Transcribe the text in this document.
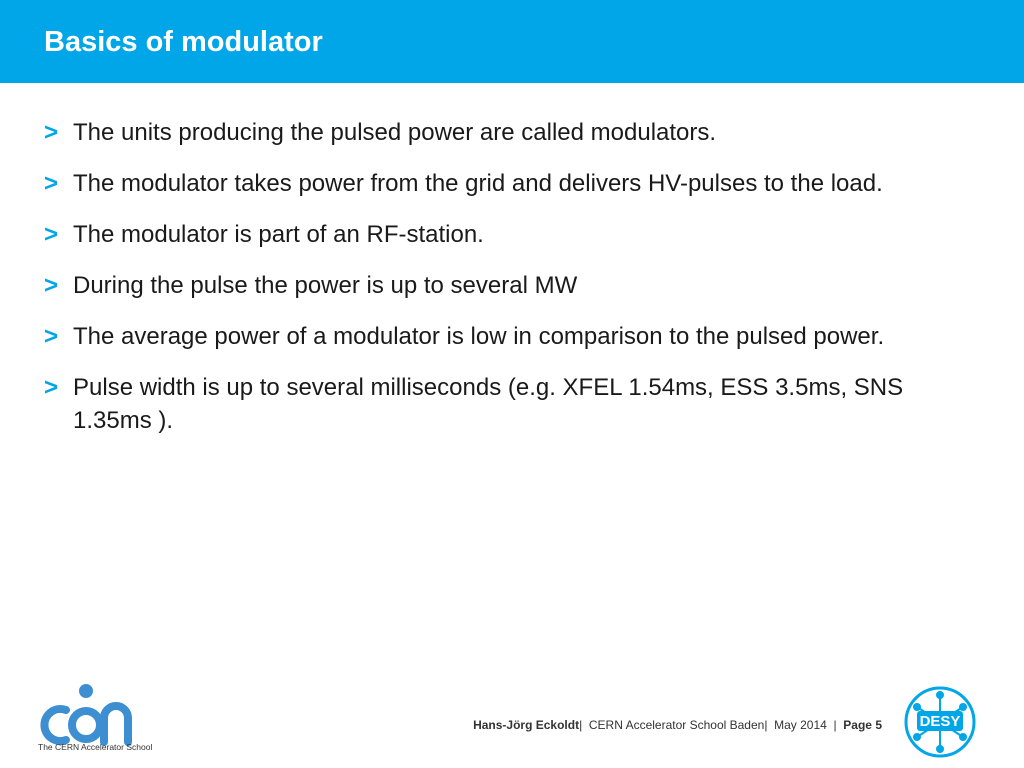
Basics of modulator
> The units producing the pulsed power are called modulators.
> The modulator takes power from the grid and delivers HV-pulses to the load.
> The modulator is part of an RF-station.
> During the pulse the power is up to several MW
> The average power of a modulator is low in comparison to the pulsed power.
> Pulse width is up to several milliseconds (e.g. XFEL 1.54ms, ESS 3.5ms, SNS 1.35ms ).
The CERN Accelerator School
Hans-Jörg Eckoldt| CERN Accelerator School Baden| May 2014 | Page 5	DESY
